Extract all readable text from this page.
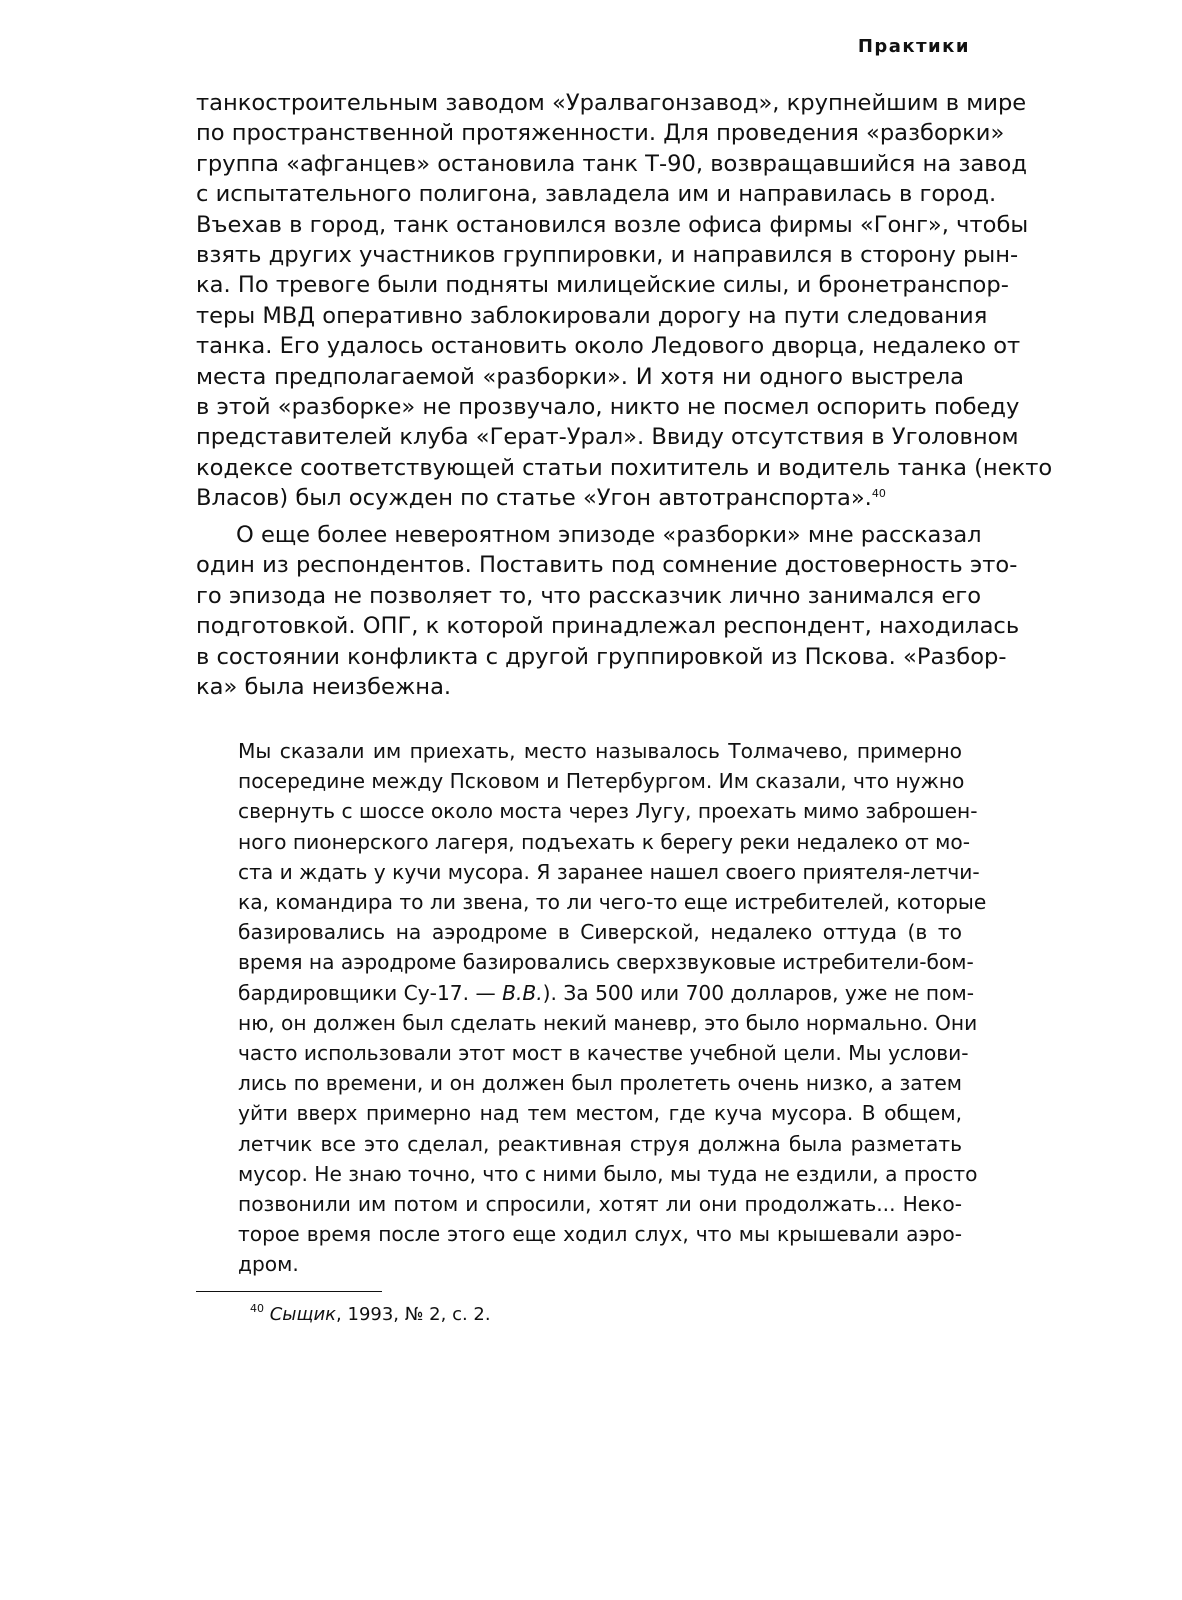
Практики
танкостроительным заводом «Уралвагонзавод», крупнейшим в мире
по пространственной протяженности. Для проведения «разборки»
группа «афганцев» остановила танк Т-90, возвращавшийся на завод
с испытательного полигона, завладела им и направилась в город.
Въехав в город, танк остановился возле офиса фирмы «Гонг», чтобы
взять других участников группировки, и направился в сторону рын-
ка. По тревоге были подняты милицейские силы, и бронетранспор-
теры МВД оперативно заблокировали дорогу на пути следования
танка. Его удалось остановить около Ледового дворца, недалеко от
места предполагаемой «разборки». И хотя ни одного выстрела
в этой «разборке» не прозвучало, никто не посмел оспорить победу
представителей клуба «Герат-Урал». Ввиду отсутствия в Уголовном
кодексе соответствующей статьи похититель и водитель танка (некто
Власов) был осужден по статье «Угон автотранспорта».$^{40}$
О еще более невероятном эпизоде «разборки» мне рассказал
один из респондентов. Поставить под сомнение достоверность это-
го эпизода не позволяет то, что рассказчик лично занимался его
подготовкой. ОПГ, к которой принадлежал респондент, находилась
в состоянии конфликта с другой группировкой из Пскова. «Разбор-
ка» была неизбежна.
Мы сказали им приехать, место называлось Толмачево, примерно
посередине между Псковом и Петербургом. Им сказали, что нужно
свернуть с шоссе около моста через Лугу, проехать мимо заброшен-
ного пионерского лагеря, подъехать к берегу реки недалеко от мо-
ста и ждать у кучи мусора. Я заранее нашел своего приятеля-летчи-
ка, командира то ли звена, то ли чего-то еще истребителей, которые
базировались на аэродроме в Сиверской, недалеко оттуда (в то
время на аэродроме базировались сверхзвуковые истребители-бом-
бардировщики Су-17. — В.В.). За 500 или 700 долларов, уже не пом-
ню, он должен был сделать некий маневр, это было нормально. Они
часто использовали этот мост в качестве учебной цели. Мы услови-
лись по времени, и он должен был пролететь очень низко, а затем
уйти вверх примерно над тем местом, где куча мусора. В общем,
летчик все это сделал, реактивная струя должна была разметать
мусор. Не знаю точно, что с ними было, мы туда не ездили, а просто
позвонили им потом и спросили, хотят ли они продолжать... Неко-
торое время после этого еще ходил слух, что мы крышевали аэро-
дром.
$^{40}$ Сыщик, 1993, № 2, с. 2.
